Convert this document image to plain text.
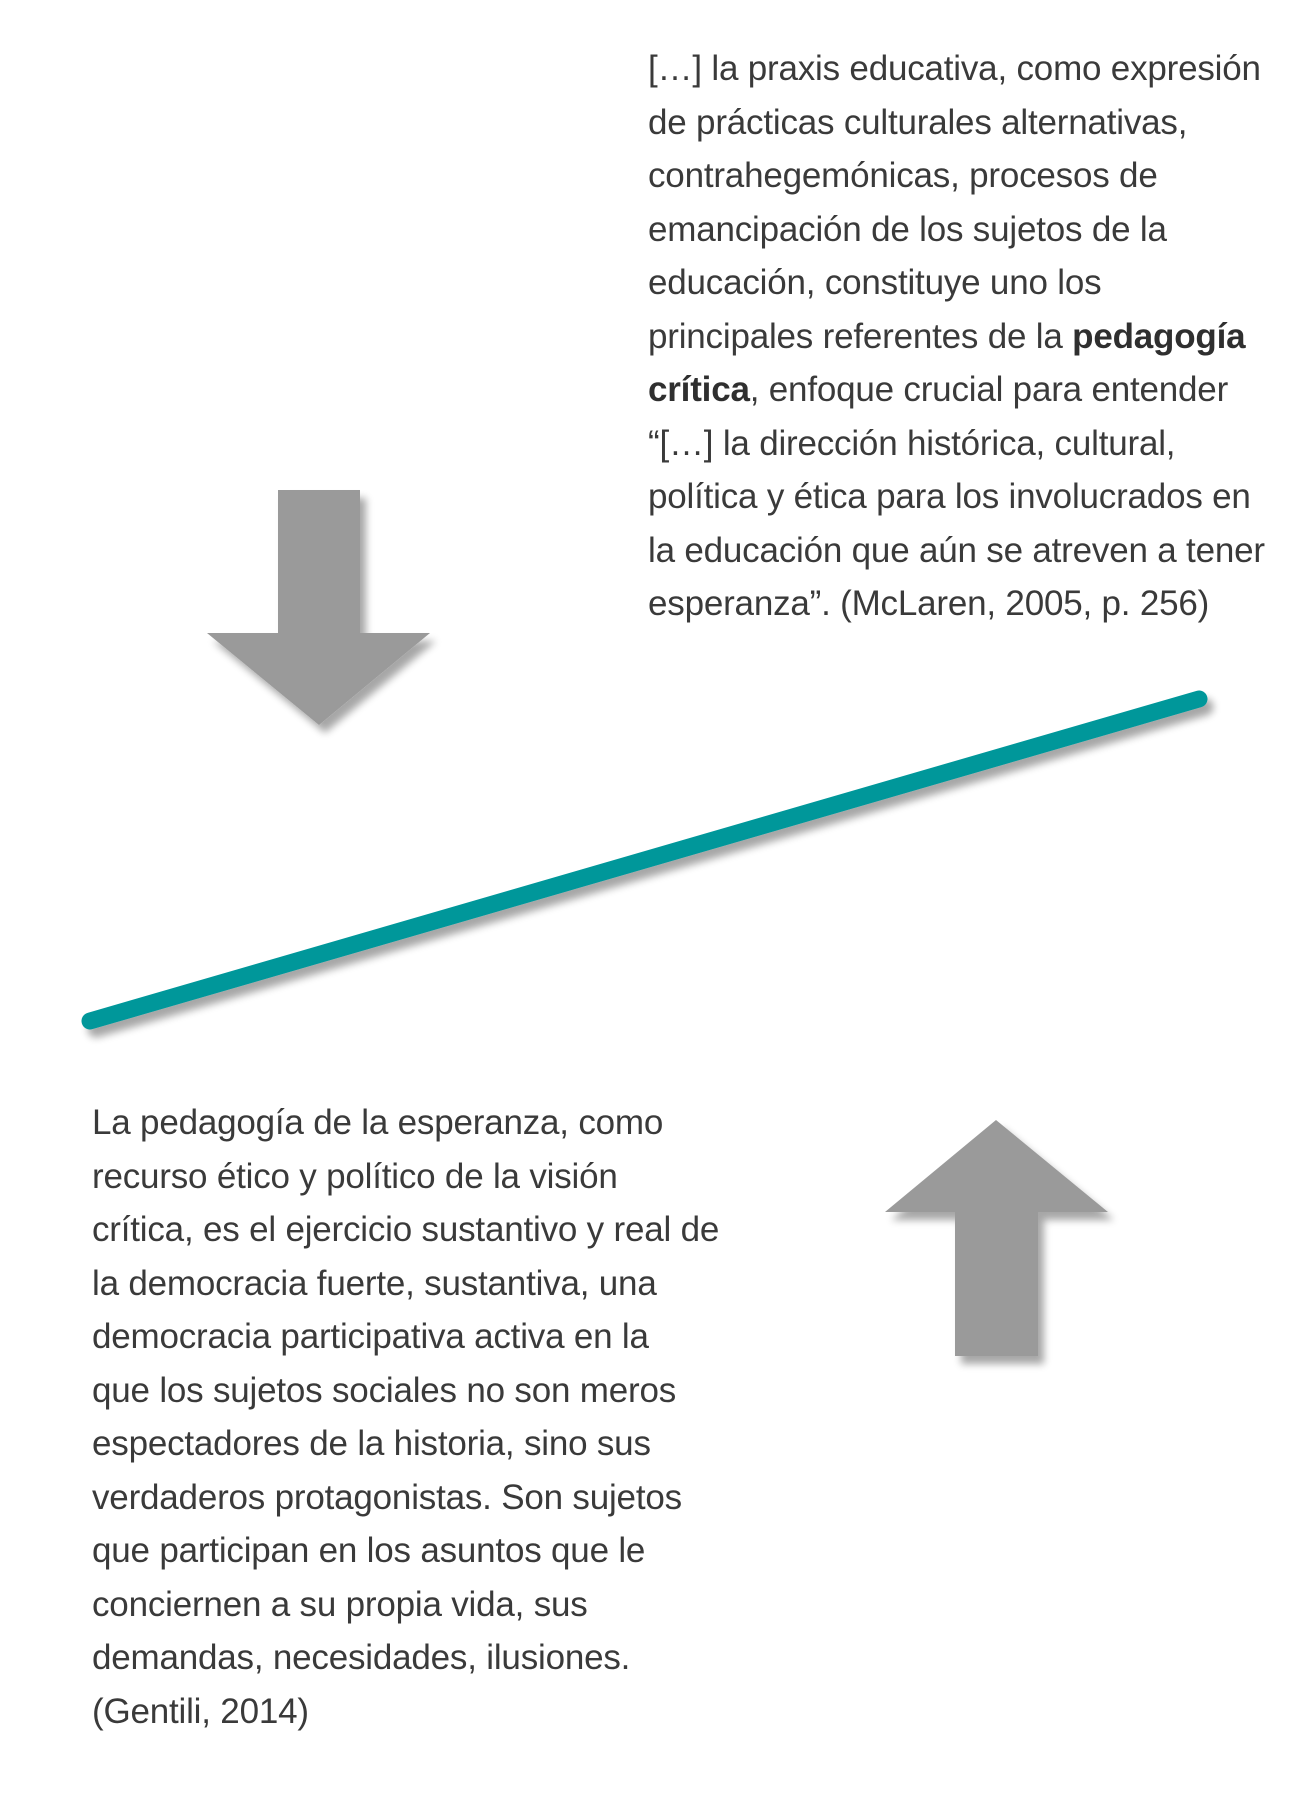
[…] la praxis educativa, como expresión
de prácticas culturales alternativas,
contrahegemónicas, procesos de
emancipación de los sujetos de la
educación, constituye uno los
principales referentes de la pedagogía
crítica, enfoque crucial para entender
“[…] la dirección histórica, cultural,
política y ética para los involucrados en
la educación que aún se atreven a tener
esperanza”. (McLaren, 2005, p. 256)
La pedagogía de la esperanza, como
recurso ético y político de la visión
crítica, es el ejercicio sustantivo y real de
la democracia fuerte, sustantiva, una
democracia participativa activa en la
que los sujetos sociales no son meros
espectadores de la historia, sino sus
verdaderos protagonistas. Son sujetos
que participan en los asuntos que le
conciernen a su propia vida, sus
demandas, necesidades, ilusiones.
(Gentili, 2014)
